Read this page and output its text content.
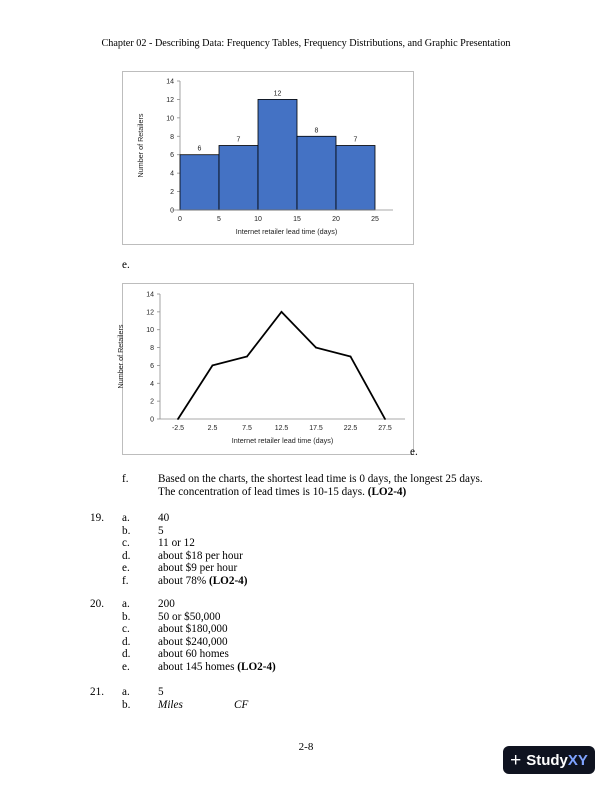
Chapter 02 - Describing Data: Frequency Tables, Frequency Distributions, and Graphic Presentation
0
2
4
6
8
10
12
14
Number of Retailers	6
7
12
8
7
0	5	10	15	20	25
Internet retailer lead time (days)
e.
0
2
4
6
8
10
12
14
Number of Retailers
-2.5	2.5	7.5	12.5	17.5	22.5	27.5
Internet retailer lead time (days)
e.
f.	Based on the charts, the shortest lead time is 0 days, the longest 25 days.
The concentration of lead times is 10-15 days. (LO2-4)
19. a.	40
b. 5
c.	11 or 12
d. about $18 per hour
e.	about $9 per hour
f.	about 78% (LO2-4)
20. a.	200
b. 50 or $50,000
c.	about $180,000
d. about $240,000
d. about 60 homes
e.	about 145 homes (LO2-4)
21. a.	5
b. Miles	CF
2-8
+ StudyXY
